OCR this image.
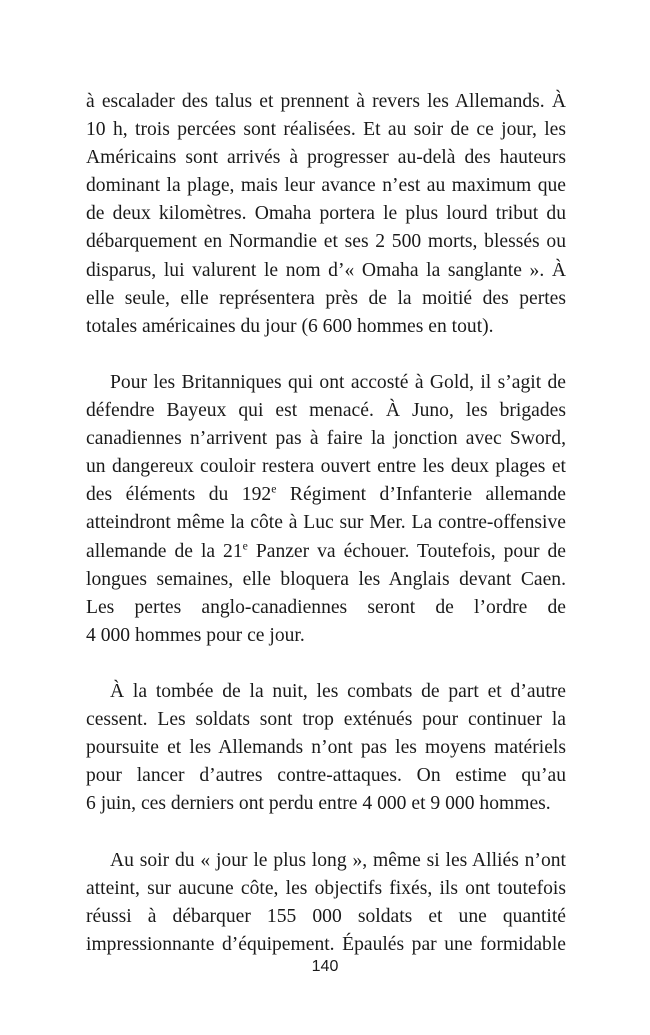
à escalader des talus et prennent à revers les Allemands. À
10 h, trois percées sont réalisées. Et au soir de ce jour, les
Américains sont arrivés à progresser au-delà des hauteurs
dominant la plage, mais leur avance n’est au maximum que
de deux kilomètres. Omaha portera le plus lourd tribut du
débarquement en Normandie et ses 2 500 morts, blessés ou
disparus, lui valurent le nom d’« Omaha la sanglante ». À
elle seule, elle représentera près de la moitié des pertes
totales américaines du jour (6 600 hommes en tout).

Pour les Britanniques qui ont accosté à Gold, il s’agit de
défendre Bayeux qui est menacé. À Juno, les brigades
canadiennes n’arrivent pas à faire la jonction avec Sword,
un dangereux couloir restera ouvert entre les deux plages et
des éléments du 192e Régiment d’Infanterie allemande
atteindront même la côte à Luc sur Mer. La contre-offensive
allemande de la 21e Panzer va échouer. Toutefois, pour de
longues semaines, elle bloquera les Anglais devant Caen.
Les pertes anglo-canadiennes seront de l’ordre de
4 000 hommes pour ce jour.

À la tombée de la nuit, les combats de part et d’autre
cessent. Les soldats sont trop exténués pour continuer la
poursuite et les Allemands n’ont pas les moyens matériels
pour lancer d’autres contre-attaques. On estime qu’au
6 juin, ces derniers ont perdu entre 4 000 et 9 000 hommes.

Au soir du « jour le plus long », même si les Alliés n’ont
atteint, sur aucune côte, les objectifs fixés, ils ont toutefois
réussi à débarquer 155 000 soldats et une quantité
impressionnante d’équipement. Épaulés par une formidable

140
